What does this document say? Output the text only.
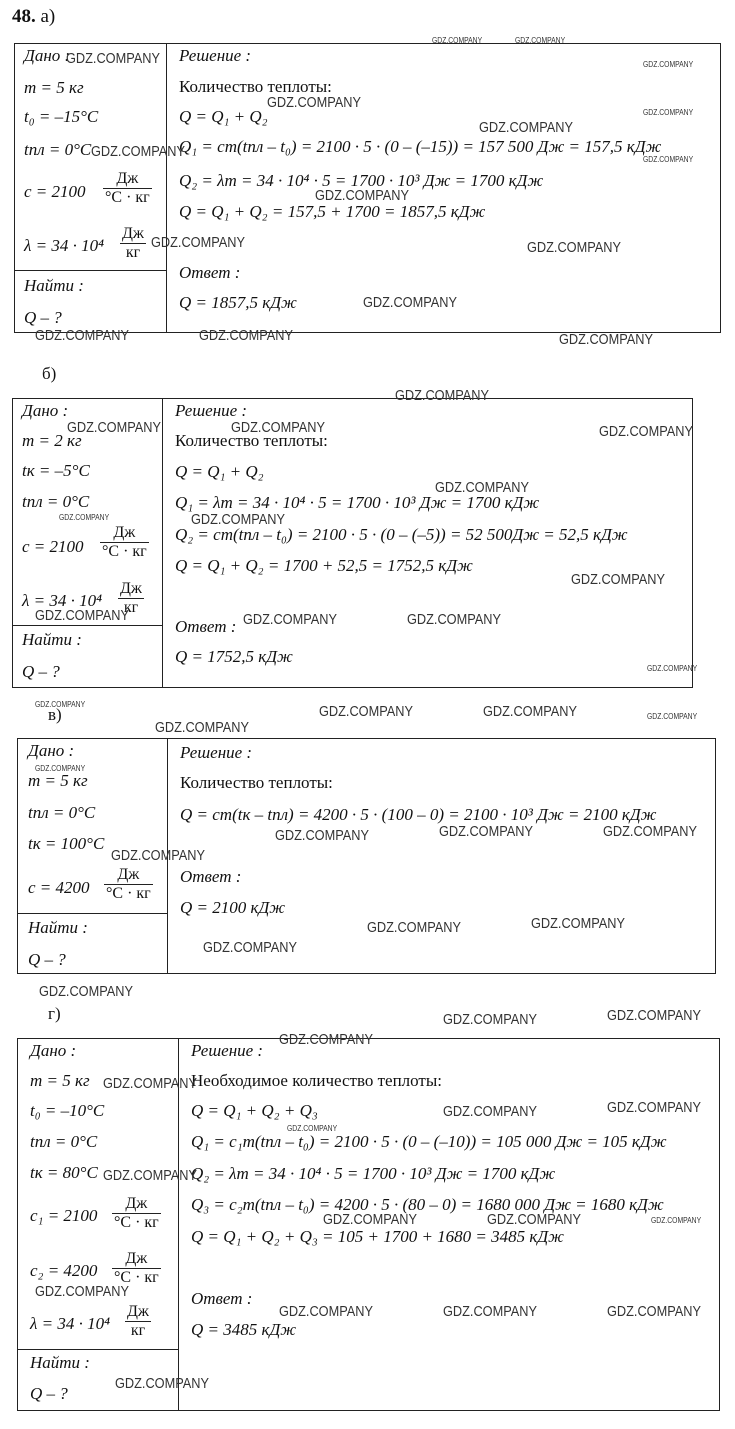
48. а)
Дано :
m = 5 кг
t₀ = –15°C
tпл = 0°C
c = 2100
Дж
°C · кг
λ = 34 · 10⁴
Дж
кг
Найти :
Q – ?
Решение :
Количество теплоты:
Q = Q₁ + Q₂
Q₁ = cm(tпл – t₀) = 2100 · 5 · (0 – (–15)) = 157 500 Дж = 157,5 кДж
Q₂ = λm = 34 · 10⁴ · 5 = 1700 · 10³ Дж = 1700 кДж
Q = Q₁ + Q₂ = 157,5 + 1700 = 1857,5 кДж
Ответ :
Q = 1857,5 кДж
б)
Дано :
m = 2 кг
tк = –5°C
tпл = 0°C
c = 2100
Дж
°C · кг
λ = 34 · 10⁴
Дж
кг
Найти :
Q – ?
Решение :
Количество теплоты:
Q = Q₁ + Q₂
Q₁ = λm = 34 · 10⁴ · 5 = 1700 · 10³ Дж = 1700 кДж
Q₂ = cm(tпл – t₀) = 2100 · 5 · (0 – (–5)) = 52 500Дж = 52,5 кДж
Q = Q₁ + Q₂ = 1700 + 52,5 = 1752,5 кДж
Ответ :
Q = 1752,5 кДж
в)
Дано :
m = 5 кг
tпл = 0°C
tк = 100°C
c = 4200
Дж
°C · кг
Найти :
Q – ?
Решение :
Количество теплоты:
Q = cm(tк – tпл) = 4200 · 5 · (100 – 0) = 2100 · 10³ Дж = 2100 кДж
Ответ :
Q = 2100 кДж
г)
Дано :
m = 5 кг
t₀ = –10°C
tпл = 0°C
tк = 80°C
c₁ = 2100
Дж
°C · кг
c₂ = 4200
Дж
°C · кг
λ = 34 · 10⁴
Дж
кг
Найти :
Q – ?
Решение :
Необходимое количество теплоты:
Q = Q₁ + Q₂ + Q₃
Q₁ = c₁m(tпл – t₀) = 2100 · 5 · (0 – (–10)) = 105 000 Дж = 105 кДж
Q₂ = λm = 34 · 10⁴ · 5 = 1700 · 10³ Дж = 1700 кДж
Q₃ = c₂m(tпл – t₀) = 4200 · 5 · (80 – 0) = 1680 000 Дж = 1680 кДж
Q = Q₁ + Q₂ + Q₃ = 105 + 1700 + 1680 = 3485 кДж
Ответ :
Q = 3485 кДж
GDZ.COMPANY
GDZ.COMPANY	GDZ.COMPANY
GDZ.COMPANY
GDZ.COMPANY
GDZ.COMPANY
GDZ.COMPANY
GDZ.COMPANY	GDZ.COMPANY
GDZ.COMPANY
GDZ.COMPANY	GDZ.COMPANY
GDZ.COMPANY
GDZ.COMPANY	GDZ.COMPANY	GDZ.COMPANY
GDZ.COMPANY
GDZ.COMPANY	GDZ.COMPANY	GDZ.COMPANY
GDZ.COMPANY
GDZ.COMPANY	GDZ.COMPANY
GDZ.COMPANY
GDZ.COMPANY	GDZ.COMPANY	GDZ.COMPANY
GDZ.COMPANY
GDZ.COMPANY	GDZ.COMPANY	GDZ.COMPANY	GDZ.COMPANY
GDZ.COMPANY
GDZ.COMPANY
GDZ.COMPANY	GDZ.COMPANY	GDZ.COMPANY
GDZ.COMPANY
GDZ.COMPANY
GDZ.COMPANY
GDZ.COMPANY
GDZ.COMPANY
GDZ.COMPANY
GDZ.COMPANY
GDZ.COMPANY
GDZ.COMPANY
GDZ.COMPANY
GDZ.COMPANY
GDZ.COMPANY
GDZ.COMPANY
GDZ.COMPANY	GDZ.COMPANY	GDZ.COMPANY
GDZ.COMPANY
GDZ.COMPANY	GDZ.COMPANY	GDZ.COMPANY
GDZ.COMPANY
